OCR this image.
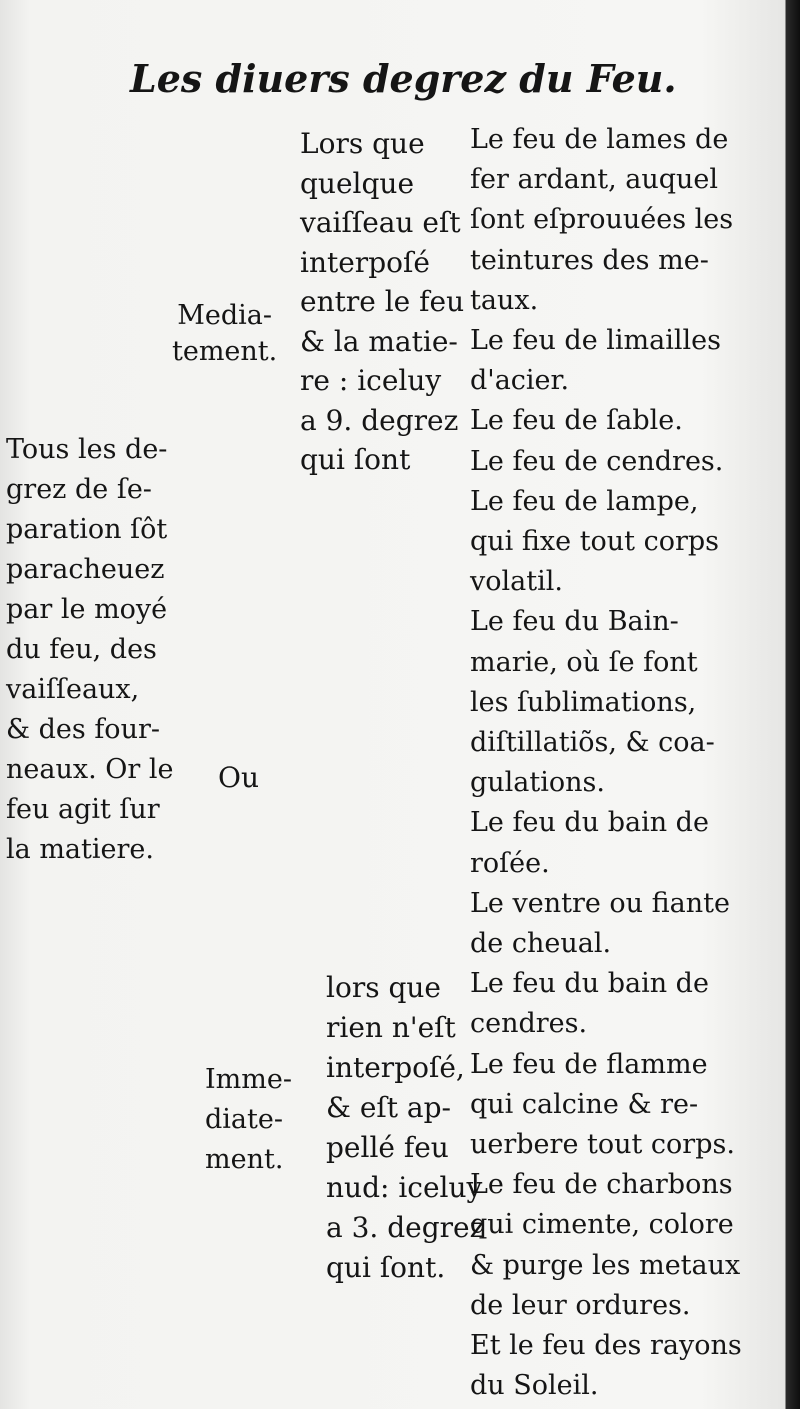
Les diuers degrez du Feu.
Tous les de-
grez de ſe-
paration ſôt
paracheuez
par le moyé
du feu, des
vaiſſeaux,
& des four-
neaux. Or le
feu agit ſur
la matiere.
Media-
tement.
Lors que
quelque
vaiſſeau eſt
interpoſé
entre le feu
& la matie-
re : iceluy
a 9. degrez
qui ſont
Ou
Imme-
diate-
ment.
lors que
rien n'eſt
interpoſé,
& eſt ap-
pellé feu
nud: iceluy
a 3. degrez
qui ſont.
Le feu de lames de
fer ardant, auquel
ſont eſprouuées les
teintures des me-
taux.
Le feu de limailles
d'acier.
Le feu de ſable.
Le feu de cendres.
Le feu de lampe,
qui fixe tout corps
volatil.
Le feu du Bain-
marie, où ſe font
les ſublimations,
diſtillatiõs, & coa-
gulations.
Le feu du bain de
roſée.
Le ventre ou fiante
de cheual.
Le feu du bain de
cendres.
Le feu de flamme
qui calcine & re-
uerbere tout corps.
Le feu de charbons
qui cimente, colore
& purge les metaux
de leur ordures.
Et le feu des rayons
du Soleil.
